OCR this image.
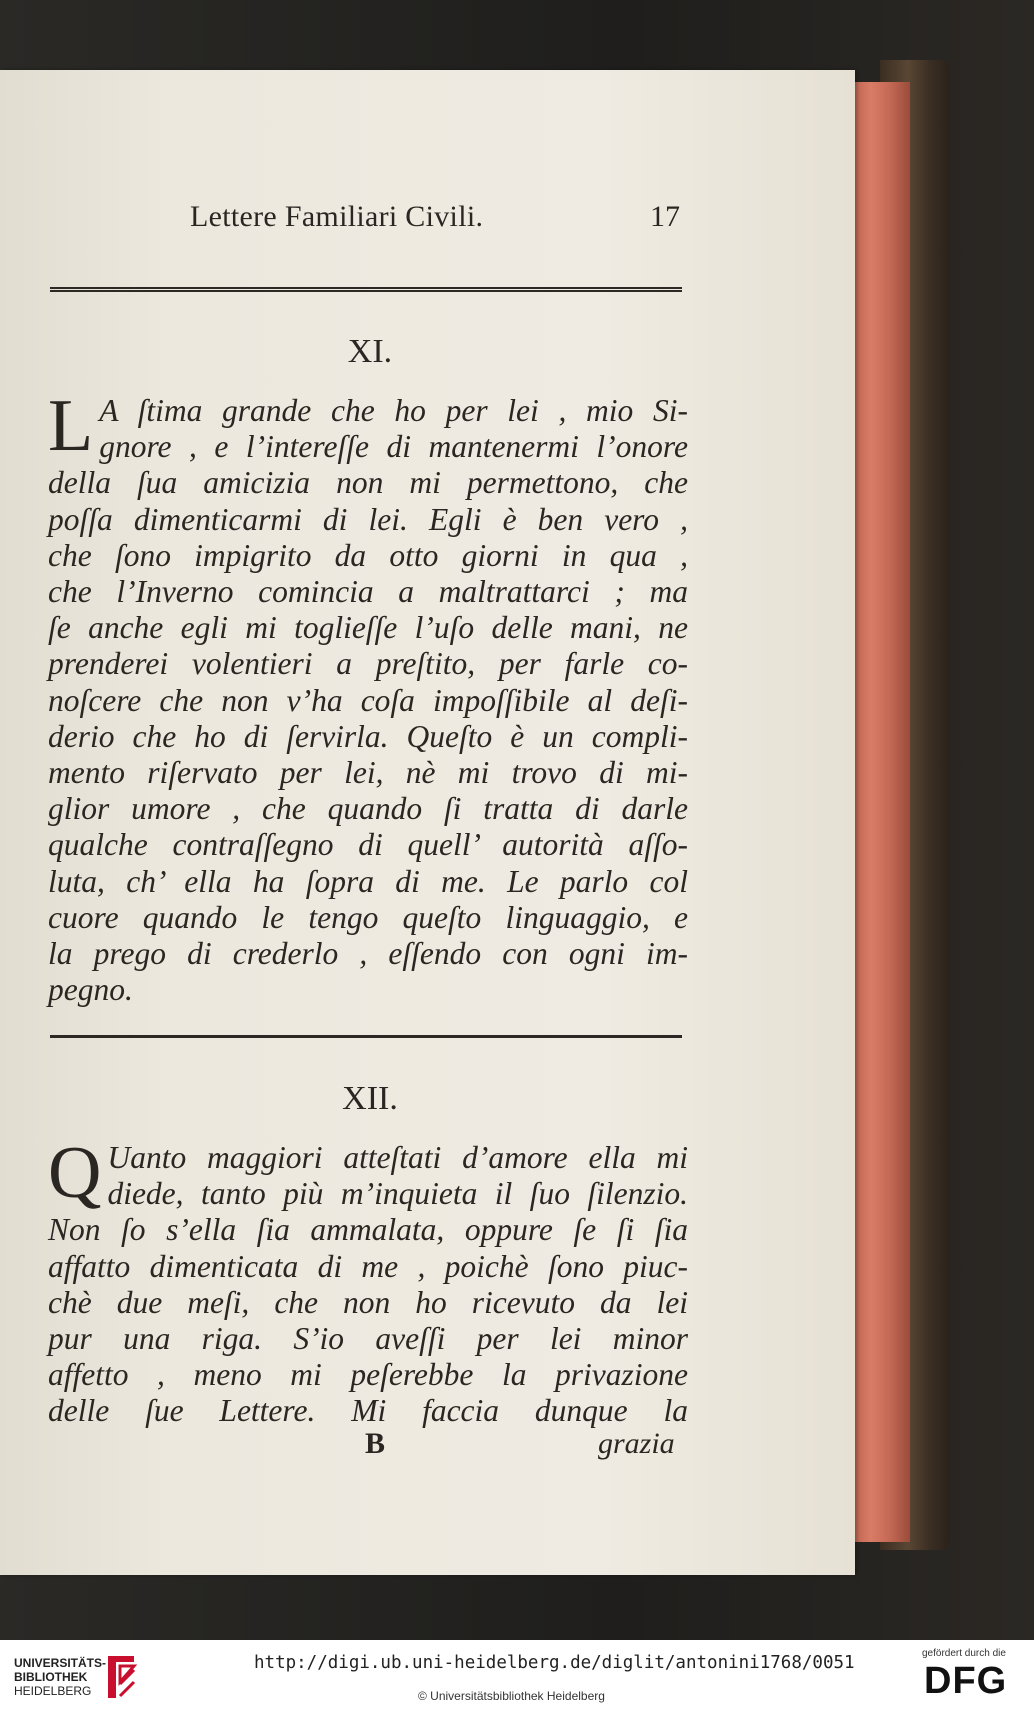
Lettere Familiari Civili.	17
XI.
L A ſtima grande che ho per lei , mio Si-
gnore , e l’intereſſe di mantenermi l’onore
della ſua amicizia non mi permettono, che
poſſa dimenticarmi di lei. Egli è ben vero ,
che ſono impigrito da otto giorni in qua ,
che l’Inverno comincia a maltrattarci ; ma
ſe anche egli mi toglieſſe l’uſo delle mani, ne
prenderei volentieri a preſtito, per farle co-
noſcere che non v’ha coſa impoſſibile al deſi-
derio che ho di ſervirla. Queſto è un compli-
mento riſervato per lei, nè mi trovo di mi-
glior umore , che quando ſi tratta di darle
qualche contraſſegno di quell’ autorità aſſo-
luta, ch’ ella ha ſopra di me. Le parlo col
cuore quando le tengo queſto linguaggio, e
la prego di crederlo , eſſendo con ogni im-
pegno.
XII.
Q Uanto maggiori atteſtati d’amore ella mi
diede, tanto più m’inquieta il ſuo ſilenzio.
Non ſo s’ella ſia ammalata, oppure ſe ſi ſia
affatto dimenticata di me , poichè ſono piuc-
chè due meſi, che non ho ricevuto da lei
pur una riga. S’io aveſſi per lei minor
affetto , meno mi peſerebbe la privazione
delle ſue Lettere. Mi faccia dunque la
B	grazia
UNIVERSITÄTS-
BIBLIOTHEK
HEIDELBERG
http://digi.ub.uni-heidelberg.de/diglit/antonini1768/0051
© Universitätsbibliothek Heidelberg
gefördert durch die
DFG
